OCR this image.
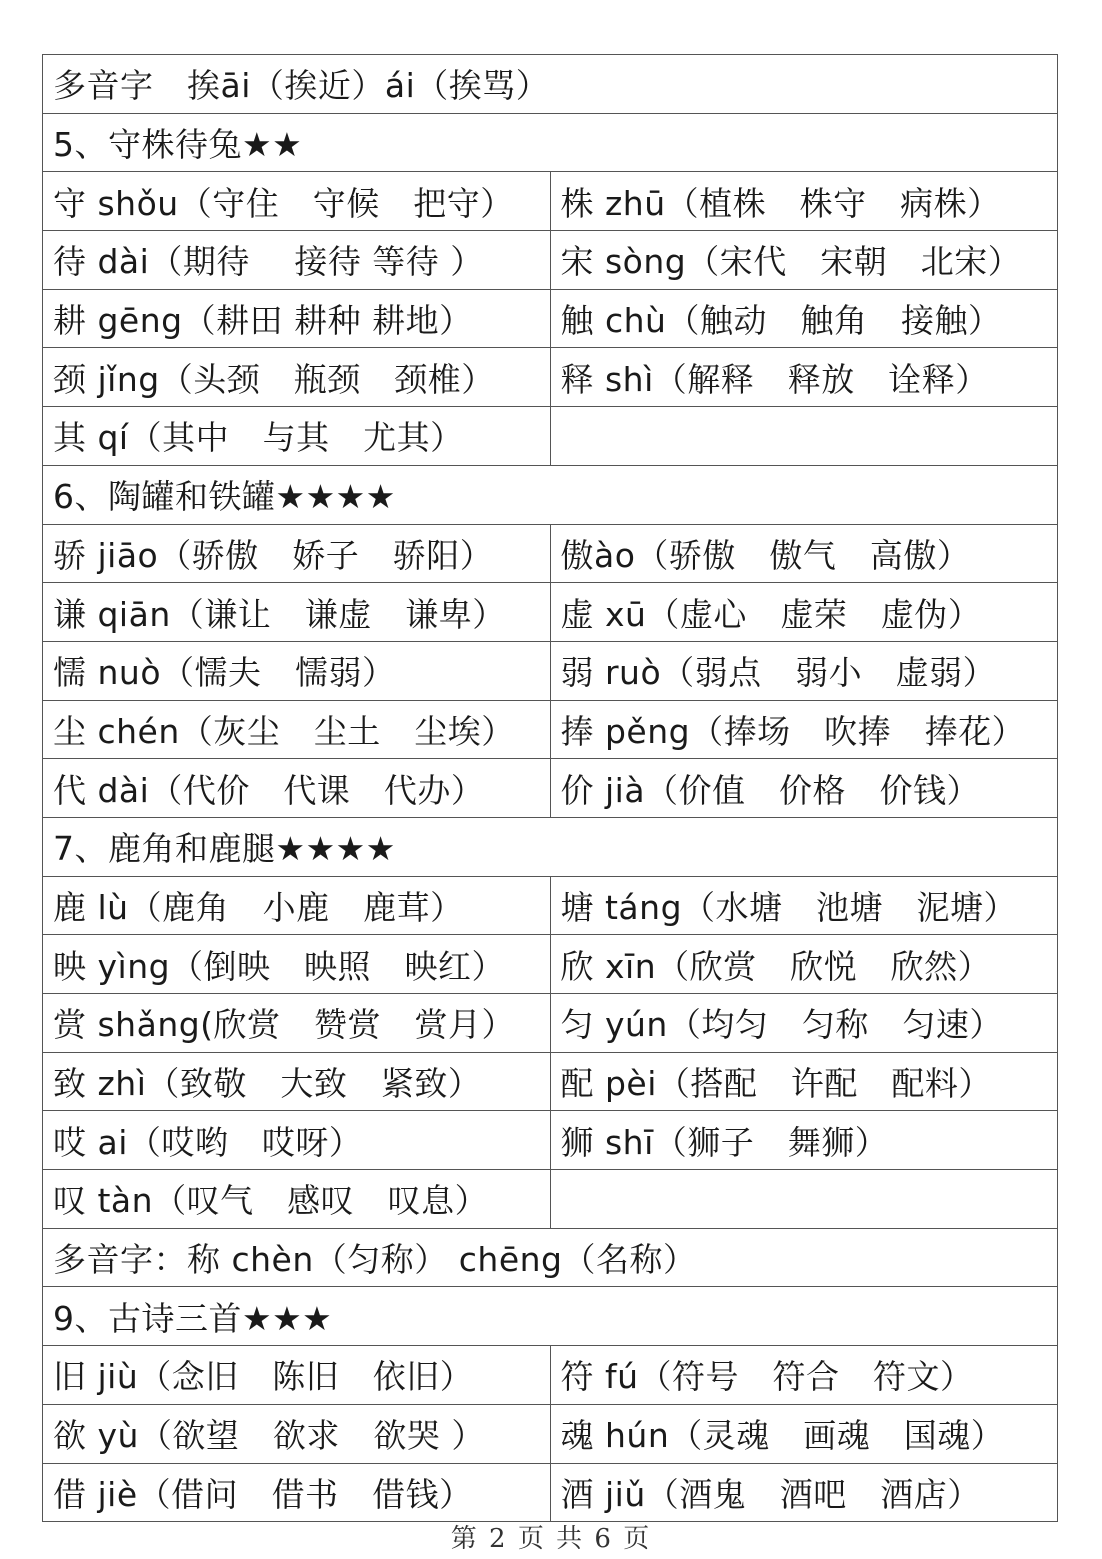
多音字　挨āi（挨近）ái（挨骂）	
5、守株待兔★★	
守 shǒu（守住　守候　把守）	株 zhū（植株　株守　病株）
待 dài（期待　 接待 等待 ）	宋 sòng（宋代　宋朝　北宋）
耕 gēng（耕田 耕种 耕地）	触 chù（触动　触角　接触）
颈 jǐng（头颈　瓶颈　颈椎）	释 shì（解释　释放　诠释）
其 qí（其中　与其　尤其）	
6、陶罐和铁罐★★★★	
骄 jiāo（骄傲　娇子　骄阳）	傲ào（骄傲　傲气　高傲）
谦 qiān（谦让　谦虚　谦卑）	虚 xū（虚心　虚荣　虚伪）
懦 nuò（懦夫　懦弱）	弱 ruò（弱点　弱小　虚弱）
尘 chén（灰尘　尘土　尘埃）	捧 pěng（捧场　吹捧　捧花）
代 dài（代价　代课　代办）	价 jià（价值　价格　价钱）
7、鹿角和鹿腿★★★★	
鹿 lù（鹿角　小鹿　鹿茸）	塘 táng（水塘　池塘　泥塘）
映 yìng（倒映　映照　映红）	欣 xīn（欣赏　欣悦　欣然）
赏 shǎng(欣赏　赞赏　赏月）	匀 yún（均匀　匀称　匀速）
致 zhì（致敬　大致　紧致）	配 pèi（搭配　许配　配料）
哎 ai（哎哟　哎呀）	狮 shī（狮子　舞狮）
叹 tàn（叹气　感叹　叹息）	
多音字：称 chèn（匀称） chēng（名称）	
9、古诗三首★★★	
旧 jiù（念旧　陈旧　依旧）	符 fú（符号　符合　符文）
欲 yù（欲望　欲求　欲哭 ）	魂 hún（灵魂　画魂　国魂）
借 jiè（借问　借书　借钱）	酒 jiǔ（酒鬼　酒吧　酒店）
第 2 页 共 6 页
